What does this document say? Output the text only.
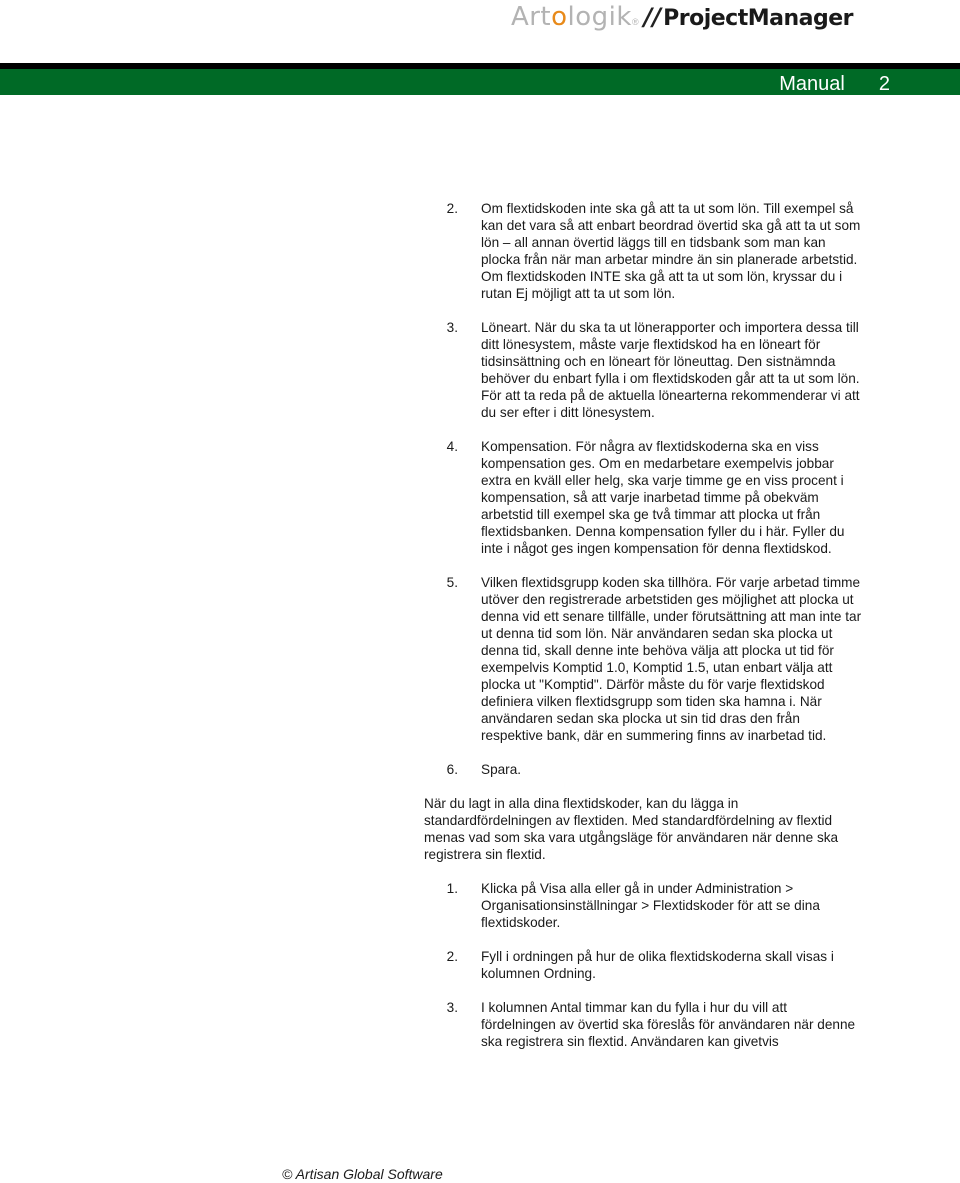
Artologik ® // ProjectManager
Manual 2
2.	Om flextidskoden inte ska gå att ta ut som lön. Till exempel så kan det vara så att enbart beordrad övertid ska gå att ta ut som lön – all annan övertid läggs till en tidsbank som man kan plocka från när man arbetar mindre än sin planerade arbetstid. Om flextidskoden INTE ska gå att ta ut som lön, kryssar du i rutan Ej möjligt att ta ut som lön.
3.	Löneart. När du ska ta ut lönerapporter och importera dessa till ditt lönesystem, måste varje flextidskod ha en löneart för tidsinsättning och en löneart för löneuttag. Den sistnämnda behöver du enbart fylla i om flextidskoden går att ta ut som lön. För att ta reda på de aktuella lönearterna rekommenderar vi att du ser efter i ditt lönesystem.
4.	Kompensation. För några av flextidskoderna ska en viss kompensation ges. Om en medarbetare exempelvis jobbar extra en kväll eller helg, ska varje timme ge en viss procent i kompensation, så att varje inarbetad timme på obekväm arbetstid till exempel ska ge två timmar att plocka ut från flextidsbanken. Denna kompensation fyller du i här. Fyller du inte i något ges ingen kompensation för denna flextidskod.
5.	Vilken flextidsgrupp koden ska tillhöra. För varje arbetad timme utöver den registrerade arbetstiden ges möjlighet att plocka ut denna vid ett senare tillfälle, under förutsättning att man inte tar ut denna tid som lön. När användaren sedan ska plocka ut denna tid, skall denne inte behöva välja att plocka ut tid för exempelvis Komptid 1.0, Komptid 1.5, utan enbart välja att plocka ut "Komptid". Därför måste du för varje flextidskod definiera vilken flextidsgrupp som tiden ska hamna i. När användaren sedan ska plocka ut sin tid dras den från respektive bank, där en summering finns av inarbetad tid.
6.	Spara.

När du lagt in alla dina flextidskoder, kan du lägga in standardfördelningen av flextiden. Med standardfördelning av flextid menas vad som ska vara utgångsläge för användaren när denne ska registrera sin flextid.

1.	Klicka på Visa alla eller gå in under Administration > Organisationsinställningar > Flextidskoder för att se dina flextidskoder.
2.	Fyll i ordningen på hur de olika flextidskoderna skall visas i kolumnen Ordning.
3.	I kolumnen Antal timmar kan du fylla i hur du vill att fördelningen av övertid ska föreslås för användaren när denne ska registrera sin flextid. Användaren kan givetvis
© Artisan Global Software
